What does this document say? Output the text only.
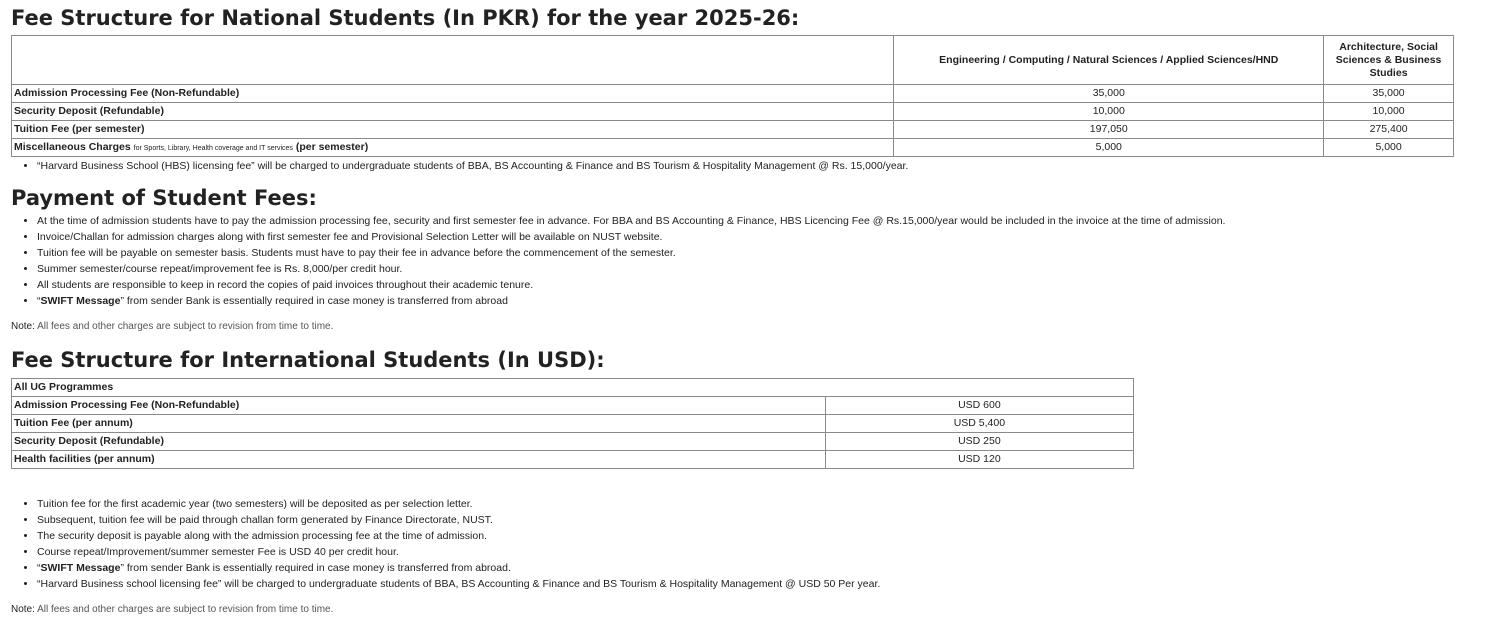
Fee Structure for National Students (In PKR) for the year 2025-26:
	Engineering / Computing / Natural Sciences / Applied Sciences/HND	Architecture, Social Sciences & Business Studies
Admission Processing Fee (Non-Refundable)	35,000	35,000
Security Deposit (Refundable)	10,000	10,000
Tuition Fee (per semester)	197,050	275,400
Miscellaneous Charges for Sports, Library, Health coverage and IT services (per semester)	5,000	5,000
• “Harvard Business School (HBS) licensing fee” will be charged to undergraduate students of BBA, BS Accounting & Finance and BS Tourism & Hospitality Management @ Rs. 15,000/year.
Payment of Student Fees:
• At the time of admission students have to pay the admission processing fee, security and first semester fee in advance. For BBA and BS Accounting & Finance, HBS Licencing Fee @ Rs.15,000/year would be included in the invoice at the time of admission.
• Invoice/Challan for admission charges along with first semester fee and Provisional Selection Letter will be available on NUST website.
• Tuition fee will be payable on semester basis. Students must have to pay their fee in advance before the commencement of the semester.
• Summer semester/course repeat/improvement fee is Rs. 8,000/per credit hour.
• All students are responsible to keep in record the copies of paid invoices throughout their academic tenure.
• “SWIFT Message” from sender Bank is essentially required in case money is transferred from abroad
Note: All fees and other charges are subject to revision from time to time.
Fee Structure for International Students (In USD):
All UG Programmes	
Admission Processing Fee (Non-Refundable)	USD 600
Tuition Fee (per annum)	USD 5,400
Security Deposit (Refundable)	USD 250
Health facilities (per annum)	USD 120
• Tuition fee for the first academic year (two semesters) will be deposited as per selection letter.
• Subsequent, tuition fee will be paid through challan form generated by Finance Directorate, NUST.
• The security deposit is payable along with the admission processing fee at the time of admission.
• Course repeat/Improvement/summer semester Fee is USD 40 per credit hour.
• “SWIFT Message” from sender Bank is essentially required in case money is transferred from abroad.
• “Harvard Business school licensing fee” will be charged to undergraduate students of BBA, BS Accounting & Finance and BS Tourism & Hospitality Management @ USD 50 Per year.
Note: All fees and other charges are subject to revision from time to time.
